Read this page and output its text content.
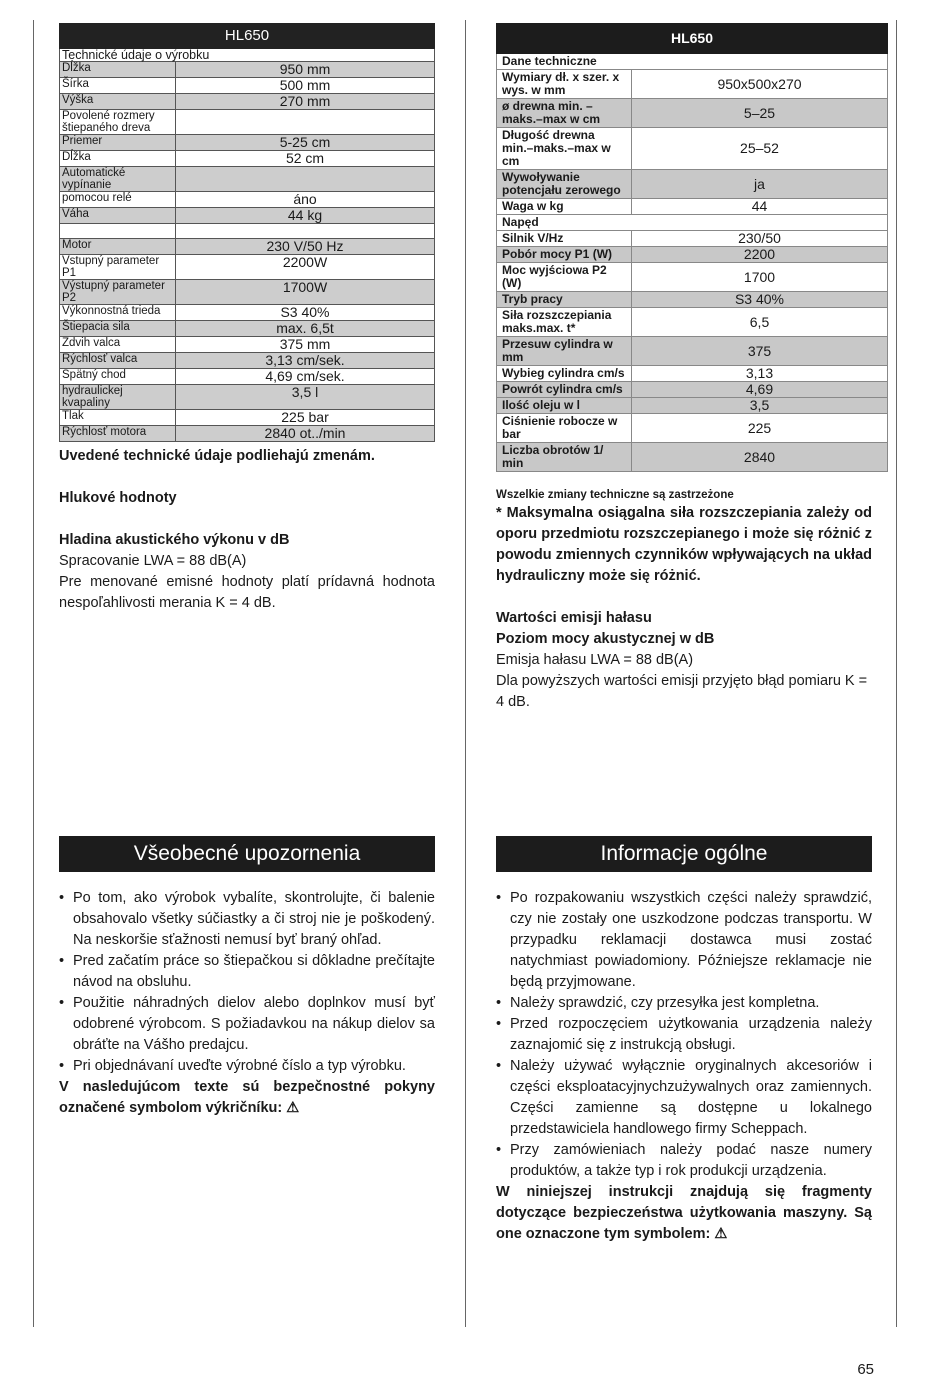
HL650	
Technické údaje o výrobku	
Dĺžka	950 mm
Šírka	500 mm
Výška	270 mm
Povolené rozmery štiepaného dreva	
Priemer	5-25 cm
Dĺžka	52 cm
Automatické vypínanie	
pomocou relé	áno
Váha	44 kg

Motor	230 V/50 Hz
Vstupný parameter P1	2200W
Výstupný parameter P2	1700W
Výkonnostná trieda	S3 40%
Štiepacia sila	max. 6,5t
Zdvih valca	375 mm
Rýchlosť valca	3,13 cm/sek.
Spätný chod	4,69 cm/sek.
hydraulickej kvapaliny	3,5 l
Tlak	225 bar
Rýchlosť motora	2840 ot../min
Uvedené technické údaje podliehajú zmenám.
Hlukové hodnoty
Hladina akustického výkonu v dB
Spracovanie LWA = 88 dB(A)
Pre menované emisné hodnoty platí prídavná hodnota nespoľahlivosti merania K = 4 dB.
Všeobecné upozornenia
• Po tom, ako výrobok vybalíte, skontrolujte, či balenie obsahovalo všetky súčiastky a či stroj nie je poškodený. Na neskoršie sťažnosti nemusí byť braný ohľad.
• Pred začatím práce so štiepačkou si dôkladne prečítajte návod na obsluhu.
• Použitie náhradných dielov alebo doplnkov musí byť odobrené výrobcom. S požiadavkou na nákup dielov sa obráťte na Vášho predajcu.
• Pri objednávaní uveďte výrobné číslo a typ výrobku.
V nasledujúcom texte sú bezpečnostné pokyny označené symbolom výkričníku: ⚠
HL650	
Dane techniczne	
Wymiary dł. x szer. x wys. w mm	950x500x270
ø drewna min. – maks.–max w cm	5–25
Długość drewna min.–maks.–max w cm	25–52
Wywoływanie potencjału zerowego	ja
Waga w kg	44
Napęd	
Silnik V/Hz	230/50
Pobór mocy P1 (W)	2200
Moc wyjściowa P2 (W)	1700
Tryb pracy	S3 40%
Siła rozszczepiania maks.max. t*	6,5
Przesuw cylindra w mm	375
Wybieg cylindra cm/s	3,13
Powrót cylindra cm/s	4,69
Ilość oleju w l	3,5
Ciśnienie robocze w bar	225
Liczba obrotów 1/ min	2840
Wszelkie zmiany techniczne są zastrzeżone
* Maksymalna osiągalna siła rozszczepiania zależy od oporu przedmiotu rozszczepianego i może się różnić z powodu zmiennych czynników wpływających na układ hydrauliczny może się różnić.
Wartości emisji hałasu
Poziom mocy akustycznej w dB
Emisja hałasu LWA = 88 dB(A)
Dla powyższych wartości emisji przyjęto błąd pomiaru K = 4 dB.
Informacje ogólne
• Po rozpakowaniu wszystkich części należy sprawdzić, czy nie zostały one uszkodzone podczas transportu. W przypadku reklamacji dostawca musi zostać natychmiast powiadomiony. Późniejsze reklamacje nie będą przyjmowane.
• Należy sprawdzić, czy przesyłka jest kompletna.
• Przed rozpoczęciem użytkowania urządzenia należy zaznajomić się z instrukcją obsługi.
• Należy używać wyłącznie oryginalnych akcesoriów i części eksploatacyjnychzużywalnych oraz zamiennych. Części zamienne są dostępne u lokalnego przedstawiciela handlowego firmy Scheppach.
• Przy zamówieniach należy podać nasze numery produktów, a także typ i rok produkcji urządzenia.
W niniejszej instrukcji znajdują się fragmenty dotyczące bezpieczeństwa użytkowania maszyny. Są one oznaczone tym symbolem: ⚠
65
